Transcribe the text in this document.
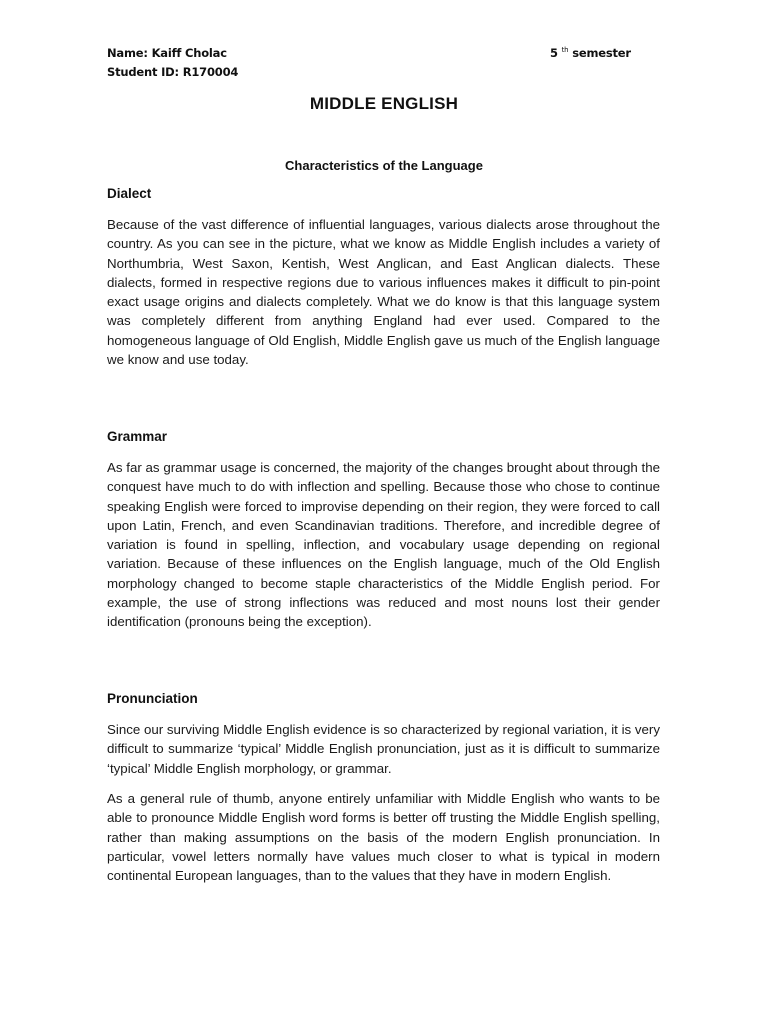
Name: Kaiff Cholac
Student ID: R170004
5 $^{th}$ semester
MIDDLE ENGLISH
Characteristics of the Language
Dialect
Because of the vast difference of influential languages, various dialects arose throughout the country. As you can see in the picture, what we know as Middle English includes a variety of Northumbria, West Saxon, Kentish, West Anglican, and East Anglican dialects. These dialects, formed in respective regions due to various influences makes it difficult to pin-point exact usage origins and dialects completely. What we do know is that this language system was completely different from anything England had ever used. Compared to the homogeneous language of Old English, Middle English gave us much of the English language we know and use today.
Grammar
As far as grammar usage is concerned, the majority of the changes brought about through the conquest have much to do with inflection and spelling. Because those who chose to continue speaking English were forced to improvise depending on their region, they were forced to call upon Latin, French, and even Scandinavian traditions. Therefore, and incredible degree of variation is found in spelling, inflection, and vocabulary usage depending on regional variation. Because of these influences on the English language, much of the Old English morphology changed to become staple characteristics of the Middle English period. For example, the use of strong inflections was reduced and most nouns lost their gender identification (pronouns being the exception).
Pronunciation
Since our surviving Middle English evidence is so characterized by regional variation, it is very difficult to summarize ‘typical’ Middle English pronunciation, just as it is difficult to summarize ‘typical’ Middle English morphology, or grammar.
As a general rule of thumb, anyone entirely unfamiliar with Middle English who wants to be able to pronounce Middle English word forms is better off trusting the Middle English spelling, rather than making assumptions on the basis of the modern English pronunciation. In particular, vowel letters normally have values much closer to what is typical in modern continental European languages, than to the values that they have in modern English.
